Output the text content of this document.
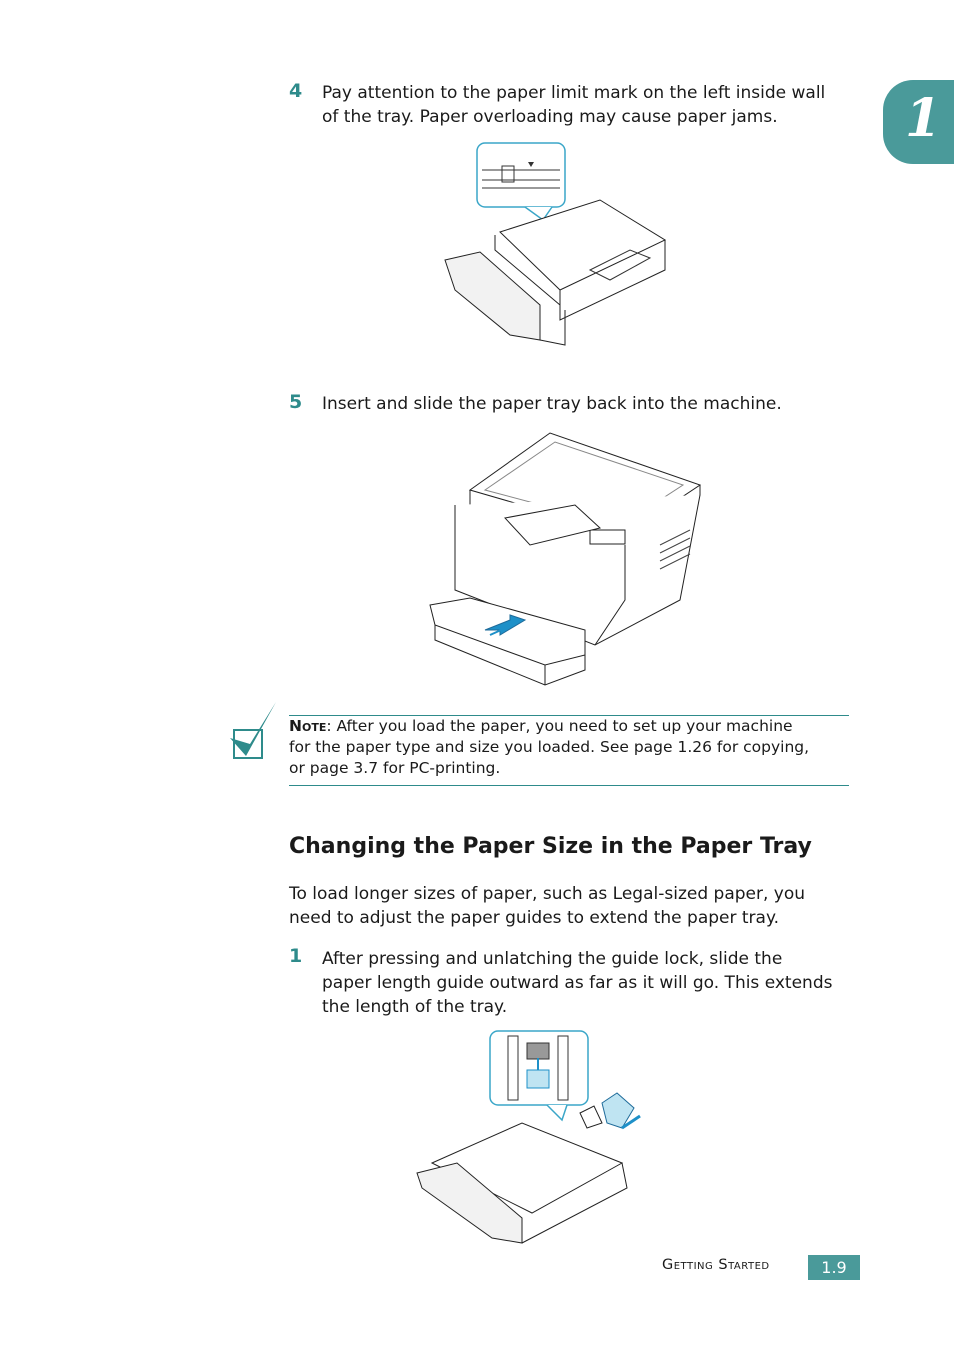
1
4 Pay attention to the paper limit mark on the left inside wall
of the tray. Paper overloading may cause paper jams.
5 Insert and slide the paper tray back into the machine.
Note: After you load the paper, you need to set up your machine
for the paper type and size you loaded. See page 1.26 for copying,
or page 3.7 for PC-printing.
Changing the Paper Size in the Paper Tray
To load longer sizes of paper, such as Legal-sized paper, you
need to adjust the paper guides to extend the paper tray.
1 After pressing and unlatching the guide lock, slide the
paper length guide outward as far as it will go. This extends
the length of the tray.
Getting Started	1.9
